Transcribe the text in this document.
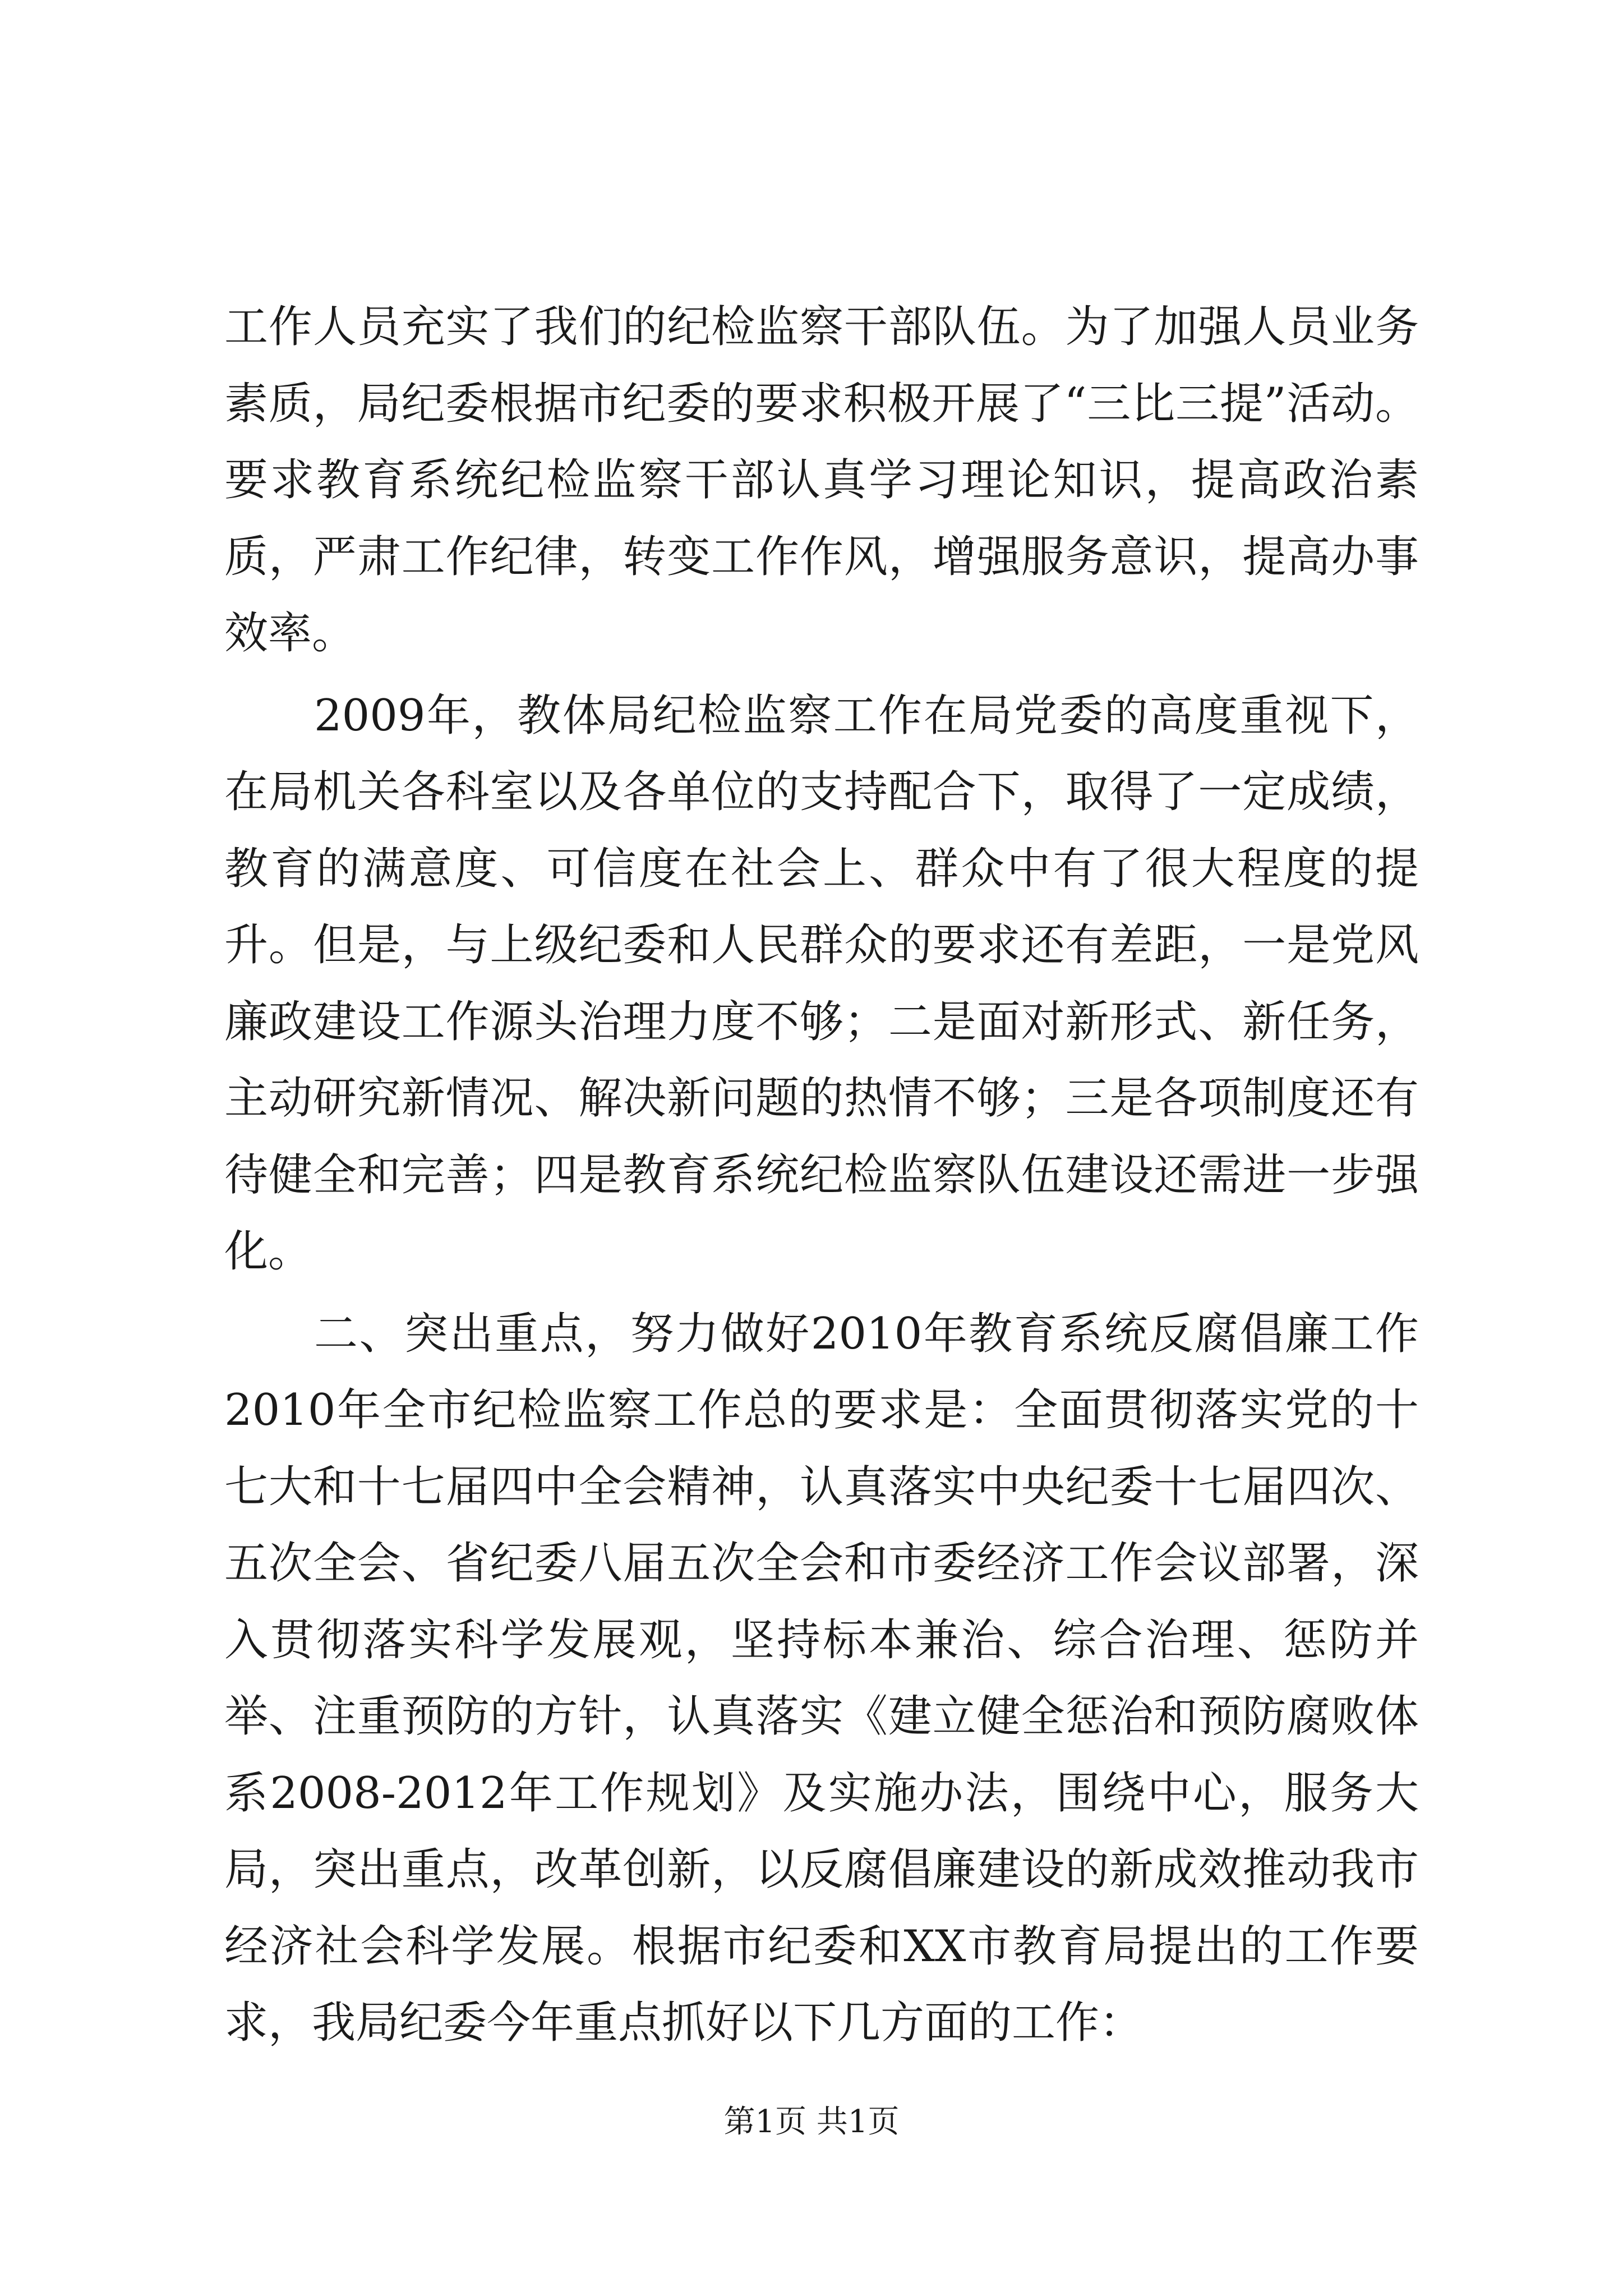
工作人员充实了我们的纪检监察干部队伍。为了加强人员业务素质，局纪委根据市纪委的要求积极开展了“三比三提”活动。要求教育系统纪检监察干部认真学习理论知识，提高政治素质，严肃工作纪律，转变工作作风，增强服务意识，提高办事效率。

2009年，教体局纪检监察工作在局党委的高度重视下，在局机关各科室以及各单位的支持配合下，取得了一定成绩，教育的满意度、可信度在社会上、群众中有了很大程度的提升。但是，与上级纪委和人民群众的要求还有差距，一是党风廉政建设工作源头治理力度不够；二是面对新形式、新任务，主动研究新情况、解决新问题的热情不够；三是各项制度还有待健全和完善；四是教育系统纪检监察队伍建设还需进一步强化。

二、突出重点，努力做好2010年教育系统反腐倡廉工作2010年全市纪检监察工作总的要求是：全面贯彻落实党的十七大和十七届四中全会精神，认真落实中央纪委十七届四次、五次全会、省纪委八届五次全会和市委经济工作会议部署，深入贯彻落实科学发展观，坚持标本兼治、综合治理、惩防并举、注重预防的方针，认真落实《建立健全惩治和预防腐败体系2008-2012年工作规划》及实施办法，围绕中心，服务大局，突出重点，改革创新，以反腐倡廉建设的新成效推动我市经济社会科学发展。根据市纪委和XX市教育局提出的工作要求，我局纪委今年重点抓好以下几方面的工作：

第1页 共1页
